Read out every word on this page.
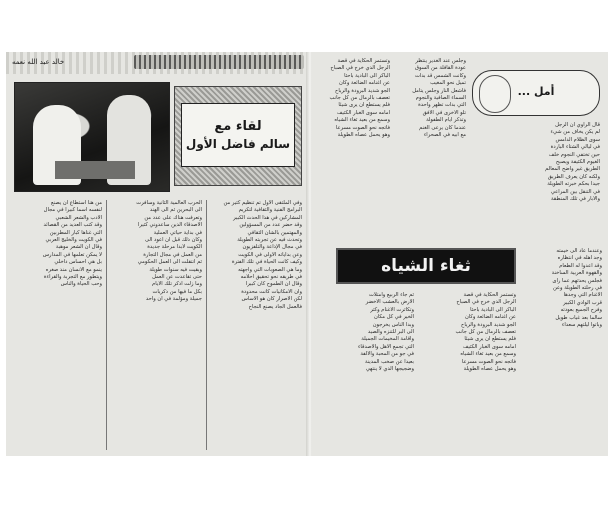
خالد عبد الله نعمه
لقاء مع
سالم فاضل الأول
من هنا استطاع ان يصنع
لنفسه اسما كبيرا في مجال
الادب والشعر الشعبي
وقد كتب العديد من القصائد
التي غناها كبار المطربين
في الكويت والخليج العربي
وقال ان الشعر موهبة
لا يمكن تعلمها في المدارس
بل هي احساس داخلي
ينمو مع الانسان منذ صغره
ويتطور مع التجربة والقراءة
وحب الحياة والناس
الحرب العالمية الثانية وسافرت
الى البحرين ثم الى الهند
وتعرفت هناك على عدد من
الأصدقاء الذين ساعدوني كثيرا
في بداية حياتي العملية
وكان ذلك قبل ان اعود الى
الكويت لأبدأ مرحلة جديدة
من العمل في مجال التجارة
ثم انتقلت الى العمل الحكومي
وبقيت فيه سنوات طويلة
حتى تقاعدت عن العمل
وما زلت اذكر تلك الايام
بكل ما فيها من ذكريات
جميلة ومؤلمة في آن واحد
وفي الملتقى الأول تم تنظيم كثير من
البرامج الفنية والثقافية لتكريم
المشاركين في هذا الحدث الكبير
وقد حضر عدد من المسؤولين
والمهتمين بالشأن الثقافي
وتحدث فيه عن تجربته الطويلة
في مجال الإذاعة والتلفزيون
وعن بداياته الأولى في الكويت
وكيف كانت الحياة في تلك الفترة
وما هي الصعوبات التي واجهته
في طريقه نحو تحقيق أحلامه
وقال ان الطموح كان كبيرا
وان الامكانيات كانت محدودة
لكن الاصرار كان هو الاساس
فالعمل الجاد يصنع النجاح
أمل ...
وتستمر الحكاية في قصة
الرجل الذي خرج في الصباح
الباكر الى البادية باحثا
عن اغنامه الضائعة وكان
الجو شديد البرودة والرياح
تعصف بالرمال من كل جانب
فلم يستطع ان يرى شيئا
امامه سوى الغبار الكثيف
وسمع من بعيد ثغاء الشياه
فاتجه نحو الصوت مسرعا
وهو يحمل عصاه الطويلة
وجلس عند الغدير ينتظر
عودة القافلة من السوق
وكانت الشمس قد بدأت
تميل نحو المغيب
فأشعل النار وجلس يتأمل
السماء الصافية والنجوم
التي بدأت تظهر واحدة
تلو الاخرى في الافق
وتذكر ايام الطفولة
عندما كان يرعى الغنم
مع ابيه في الصحراء
قال الراوي ان الرجل
لم يكن يخاف من شيء
سوى الظلام الدامس
في ليالي الشتاء الباردة
حين تختفي النجوم خلف
الغيوم الكثيفة ويصبح
الطريق غير واضح المعالم
ولكنه كان يعرف الطريق
جيدا بحكم خبرته الطويلة
في التنقل بين المراعي
والآبار في تلك المنطقة
ثغاء الشياه
وعندما عاد الى خيمته
وجد اهله في انتظاره
وقد اعدوا له الطعام
والقهوة العربية الساخنة
فجلس يحدثهم عما رأى
في رحلته الطويلة وعن
الاغنام التي وجدها
قرب الوادي الكبير
وفرح الجميع بعودته
سالما بعد غياب طويل
وباتوا ليلتهم سعداء
ثم جاء الربيع وامتلأت
الارض بالعشب الاخضر
وتكاثرت الاغنام وكثر
الخير في كل مكان
وبدأ الناس يخرجون
الى البر للتنزه والصيد
واقامة المخيمات الجميلة
التي تجمع الاهل والاصدقاء
في جو من المحبة والالفة
بعيدا عن صخب المدينة
وضجيجها الذي لا ينتهي
وتستمر الحكاية في قصة
الرجل الذي خرج في الصباح
الباكر الى البادية باحثا
عن اغنامه الضائعة وكان
الجو شديد البرودة والرياح
تعصف بالرمال من كل جانب
فلم يستطع ان يرى شيئا
امامه سوى الغبار الكثيف
وسمع من بعيد ثغاء الشياه
فاتجه نحو الصوت مسرعا
وهو يحمل عصاه الطويلة
